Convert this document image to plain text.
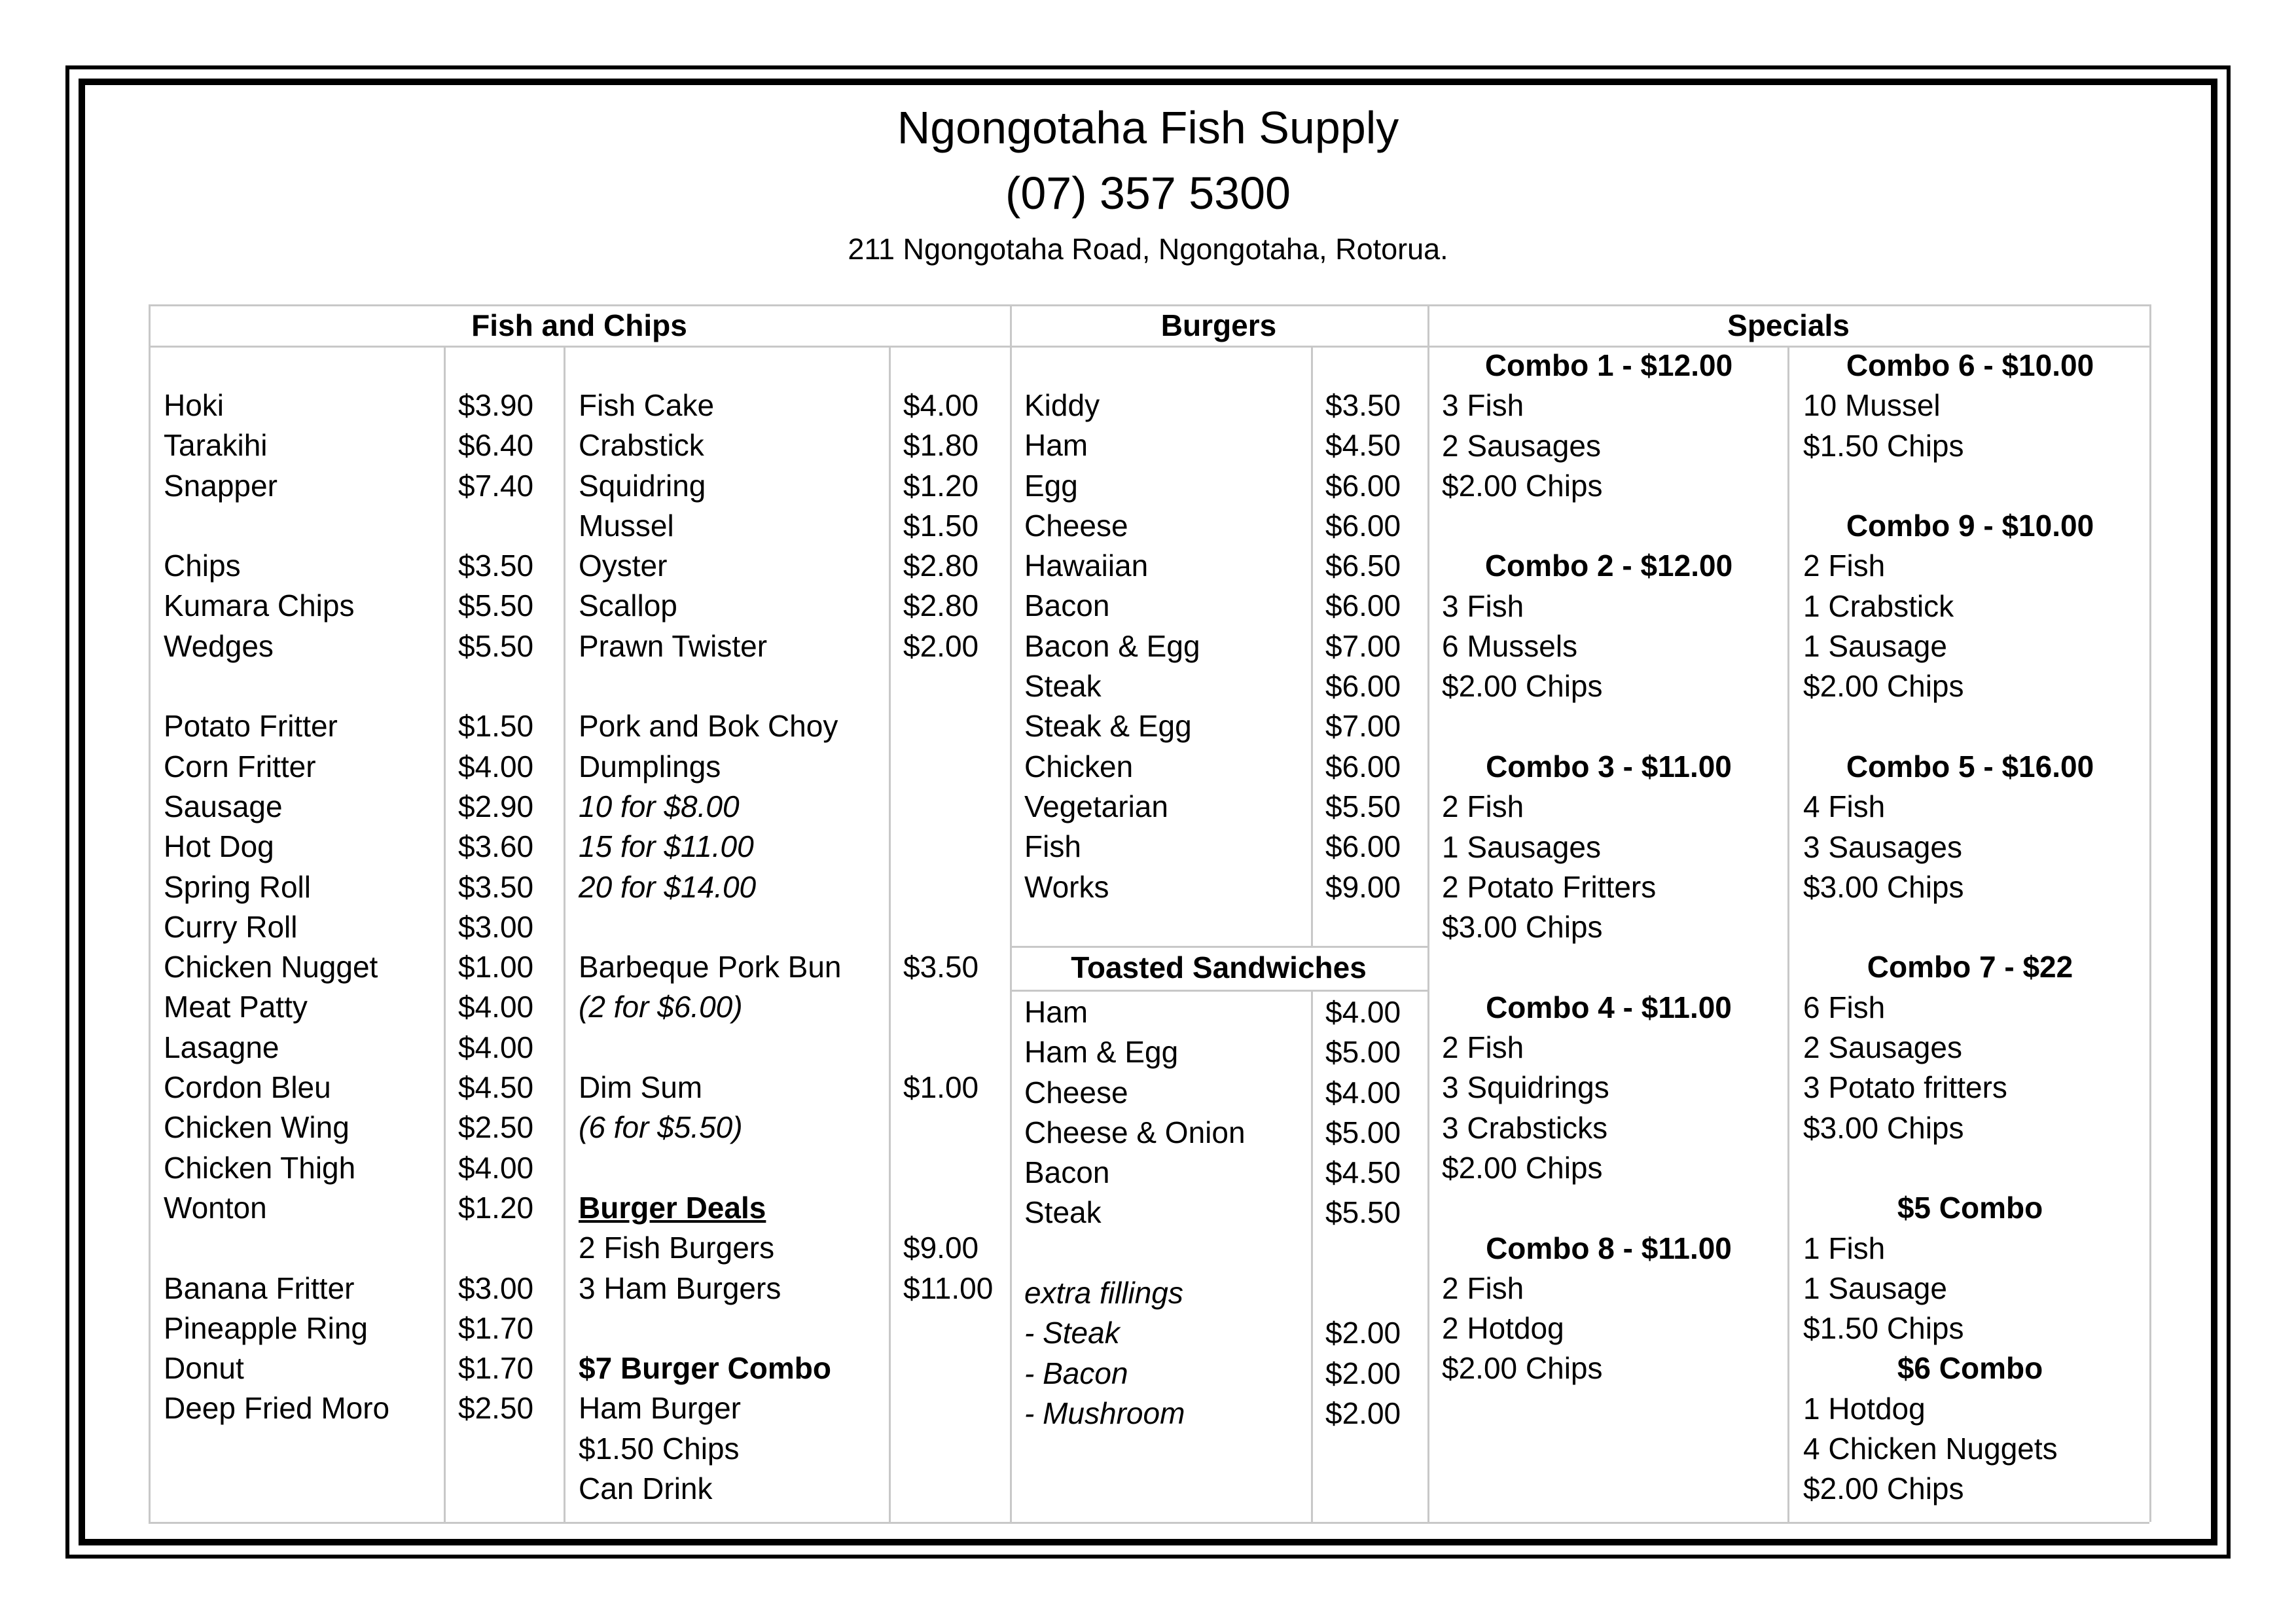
Ngongotaha Fish Supply
(07) 357 5300
211 Ngongotaha Road, Ngongotaha, Rotorua.
Fish and Chips	Burgers	Specials
Toasted Sandwiches
Hoki
Tarakihi
Snapper
Chips
Kumara Chips
Wedges
Potato Fritter
Corn Fritter
Sausage
Hot Dog
Spring Roll
Curry Roll
Chicken Nugget
Meat Patty
Lasagne
Cordon Bleu
Chicken Wing
Chicken Thigh
Wonton
Banana Fritter
Pineapple Ring
Donut
Deep Fried Moro
$3.90
$6.40
$7.40
$3.50
$5.50
$5.50
$1.50
$4.00
$2.90
$3.60
$3.50
$3.00
$1.00
$4.00
$4.00
$4.50
$2.50
$4.00
$1.20
$3.00
$1.70
$1.70
$2.50
Fish Cake
Crabstick
Squidring
Mussel
Oyster
Scallop
Prawn Twister
Pork and Bok Choy
Dumplings
10 for $8.00
15 for $11.00
20 for $14.00
Barbeque Pork Bun
(2 for $6.00)
Dim Sum
(6 for $5.50)
Burger Deals
2 Fish Burgers
3 Ham Burgers
$7 Burger Combo
Ham Burger
$1.50 Chips
Can Drink
$4.00
$1.80
$1.20
$1.50
$2.80
$2.80
$2.00
$3.50
$1.00
$9.00
$11.00
Kiddy
Ham
Egg
Cheese
Hawaiian
Bacon
Bacon & Egg
Steak
Steak & Egg
Chicken
Vegetarian
Fish
Works
$3.50
$4.50
$6.00
$6.00
$6.50
$6.00
$7.00
$6.00
$7.00
$6.00
$5.50
$6.00
$9.00
Ham
Ham & Egg
Cheese
Cheese & Onion
Bacon
Steak
extra fillings
- Steak
- Bacon
- Mushroom
$4.00
$5.00
$4.00
$5.00
$4.50
$5.50
$2.00
$2.00
$2.00
Combo 1 - $12.00
3 Fish
2 Sausages
$2.00 Chips
Combo 2 - $12.00
3 Fish
6 Mussels
$2.00 Chips
Combo 3 - $11.00
2 Fish
1 Sausages
2 Potato Fritters
$3.00 Chips
Combo 4 - $11.00
2 Fish
3 Squidrings
3 Crabsticks
$2.00 Chips
Combo 8 - $11.00
2 Fish
2 Hotdog
$2.00 Chips
Combo 6 - $10.00
10 Mussel
$1.50 Chips
Combo 9 - $10.00
2 Fish
1 Crabstick
1 Sausage
$2.00 Chips
Combo 5 - $16.00
4 Fish
3 Sausages
$3.00 Chips
Combo 7 - $22
6 Fish
2 Sausages
3 Potato fritters
$3.00 Chips
$5 Combo
1 Fish
1 Sausage
$1.50 Chips
$6 Combo
1 Hotdog
4 Chicken Nuggets
$2.00 Chips
